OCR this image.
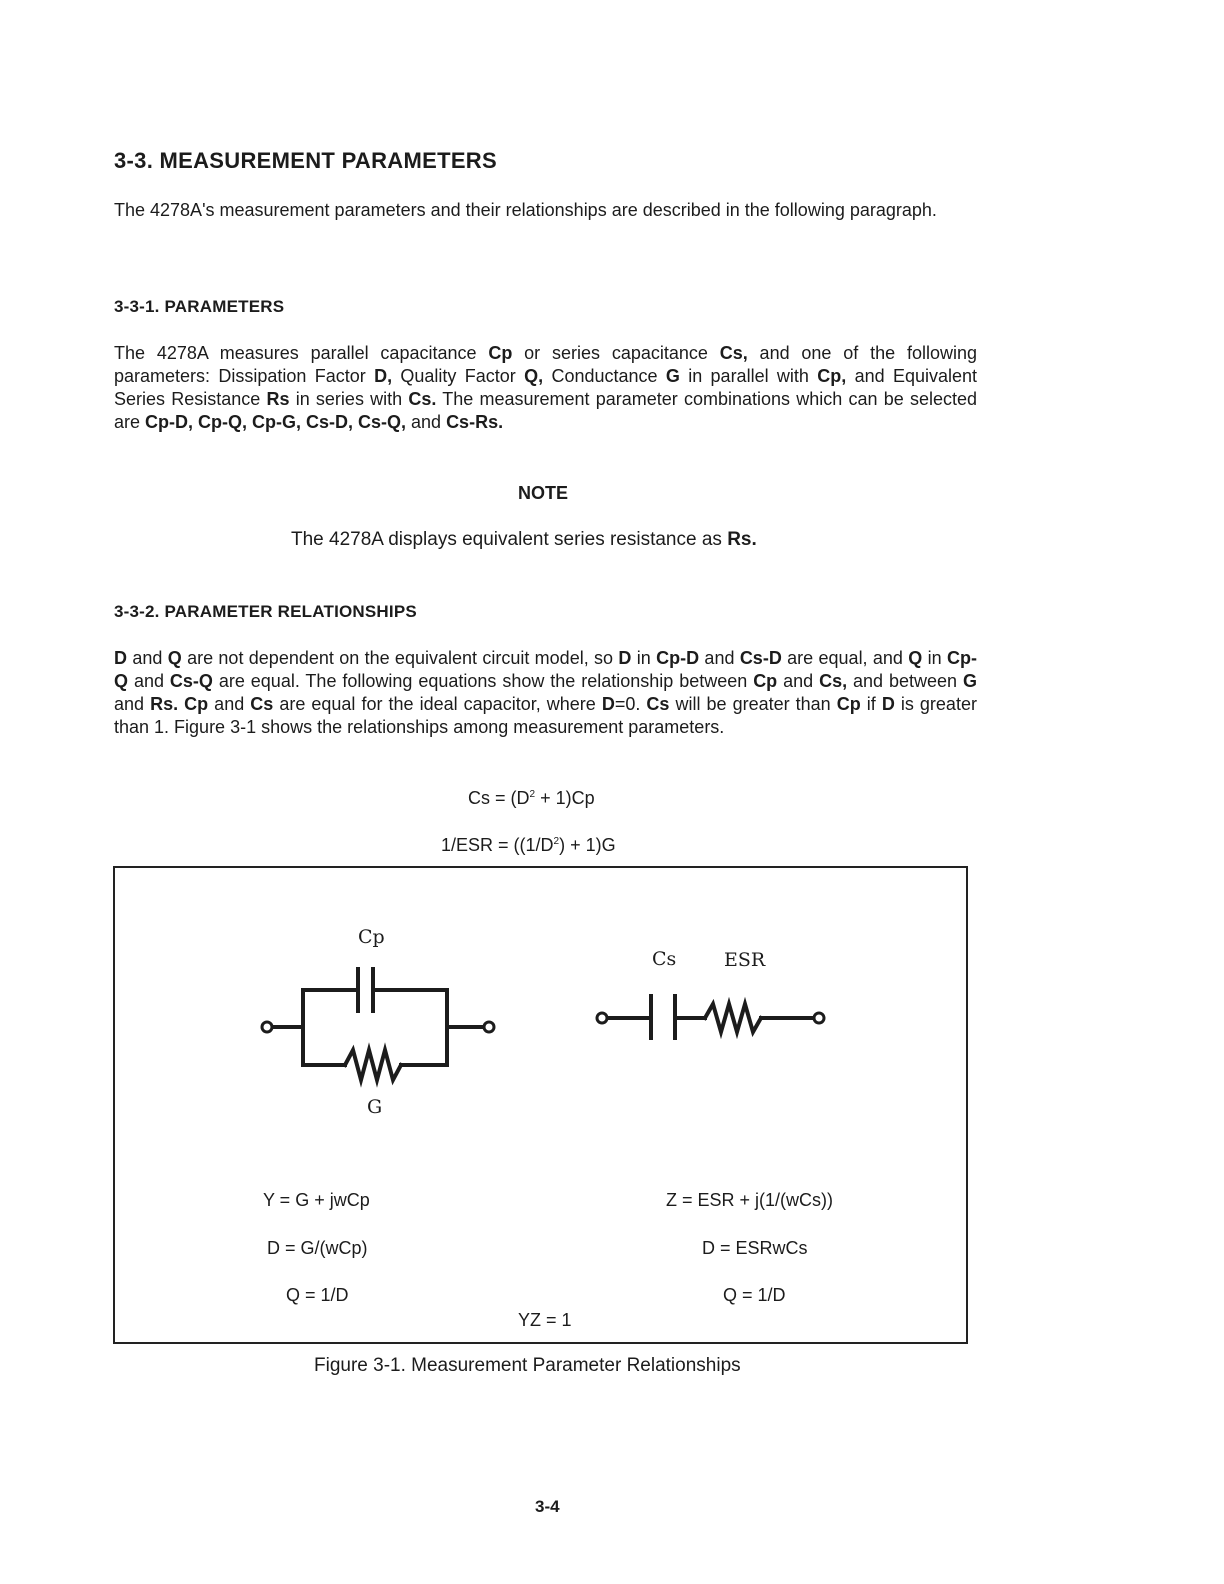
3-3. MEASUREMENT PARAMETERS

The 4278A's measurement parameters and their relationships are described in the following paragraph.

3-3-1. PARAMETERS

The 4278A measures parallel capacitance Cp or series capacitance Cs, and one of the following parameters: Dissipation Factor D, Quality Factor Q, Conductance G in parallel with Cp, and Equivalent Series Resistance Rs in series with Cs. The measurement parameter combinations which can be selected are Cp-D, Cp-Q, Cp-G, Cs-D, Cs-Q, and Cs-Rs.

NOTE
The 4278A displays equivalent series resistance as Rs.
3-3-2. PARAMETER RELATIONSHIPS

D and Q are not dependent on the equivalent circuit model, so D in Cp-D and Cs-D are equal, and Q in Cp-Q and Cs-Q are equal. The following equations show the relationship between Cp and Cs, and between G and Rs. Cp and Cs are equal for the ideal capacitor, where D=0. Cs will be greater than Cp if D is greater than 1. Figure 3-1 shows the relationships among measurement parameters.

$Cs = (D^2 + 1)Cp$
$1/ESR = ((1/D^2) + 1)G$
Cp
G
Cs	ESR
Y = G + jwCp
D = G/(wCp)
Q = 1/D
Z = ESR + j(1/(wCs))
D = ESRwCs
Q = 1/D
YZ = 1
Figure 3-1. Measurement Parameter Relationships
3-4
